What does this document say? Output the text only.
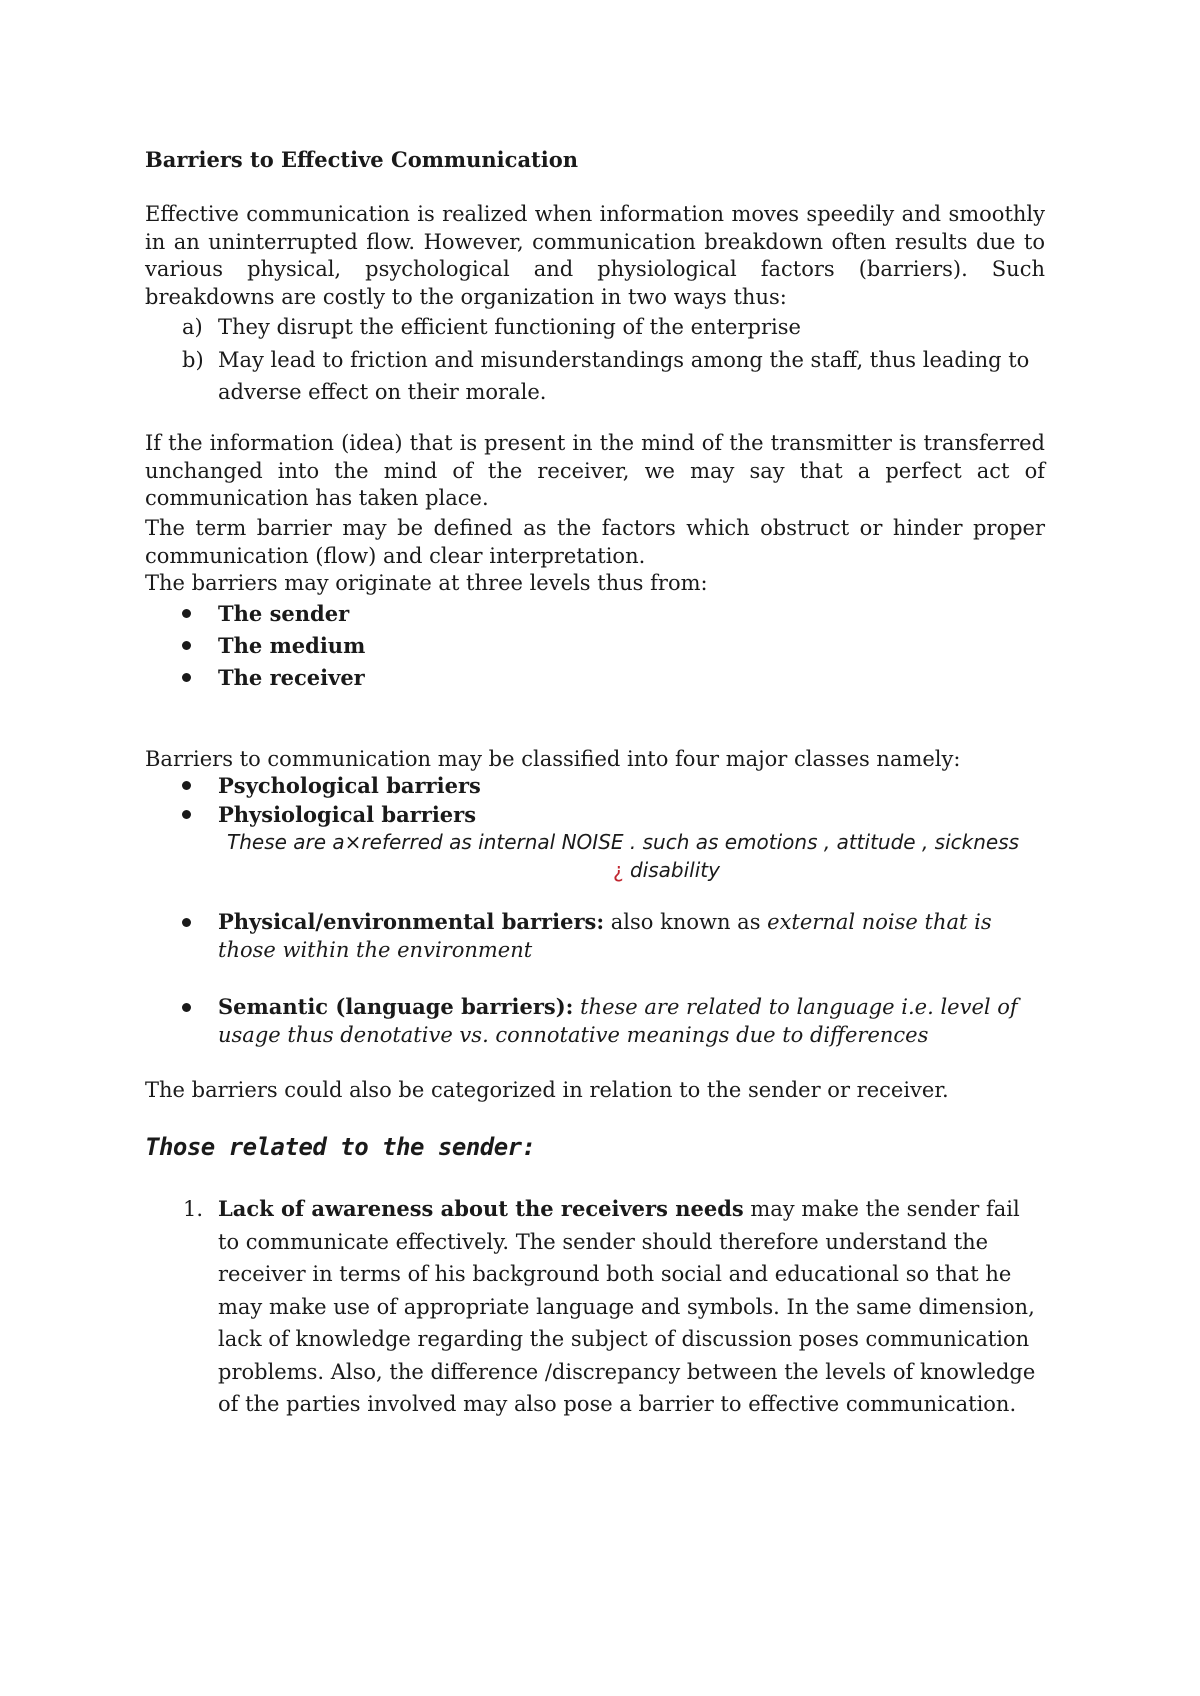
Barriers to Effective Communication

Effective communication is realized when information moves speedily and smoothly in an uninterrupted flow. However, communication breakdown often results due to various physical, psychological and physiological factors (barriers). Such breakdowns are costly to the organization in two ways thus:

a) They disrupt the efficient functioning of the enterprise
b) May lead to friction and misunderstandings among the staff, thus leading to adverse effect on their morale.

If the information (idea) that is present in the mind of the transmitter is transferred unchanged into the mind of the receiver, we may say that a perfect act of communication has taken place.

The term barrier may be defined as the factors which obstruct or hinder proper communication (flow) and clear interpretation.

The barriers may originate at three levels thus from:

The sender
The medium
The receiver

Barriers to communication may be classified into four major classes namely:

Psychological barriers
Physiological barriers
These are a×referred as internal NOISE . such as emotions , attitude , sickness
¿ disability
Physical/environmental barriers: also known as external noise that is those within the environment
Semantic (language barriers): these are related to language i.e. level of usage thus denotative vs. connotative meanings due to differences

The barriers could also be categorized in relation to the sender or receiver.

Those related to the sender:
1. Lack of awareness about the receivers needs may make the sender fail to communicate effectively. The sender should therefore understand the receiver in terms of his background both social and educational so that he may make use of appropriate language and symbols. In the same dimension, lack of knowledge regarding the subject of discussion poses communication problems. Also, the difference /discrepancy between the levels of knowledge of the parties involved may also pose a barrier to effective communication.
